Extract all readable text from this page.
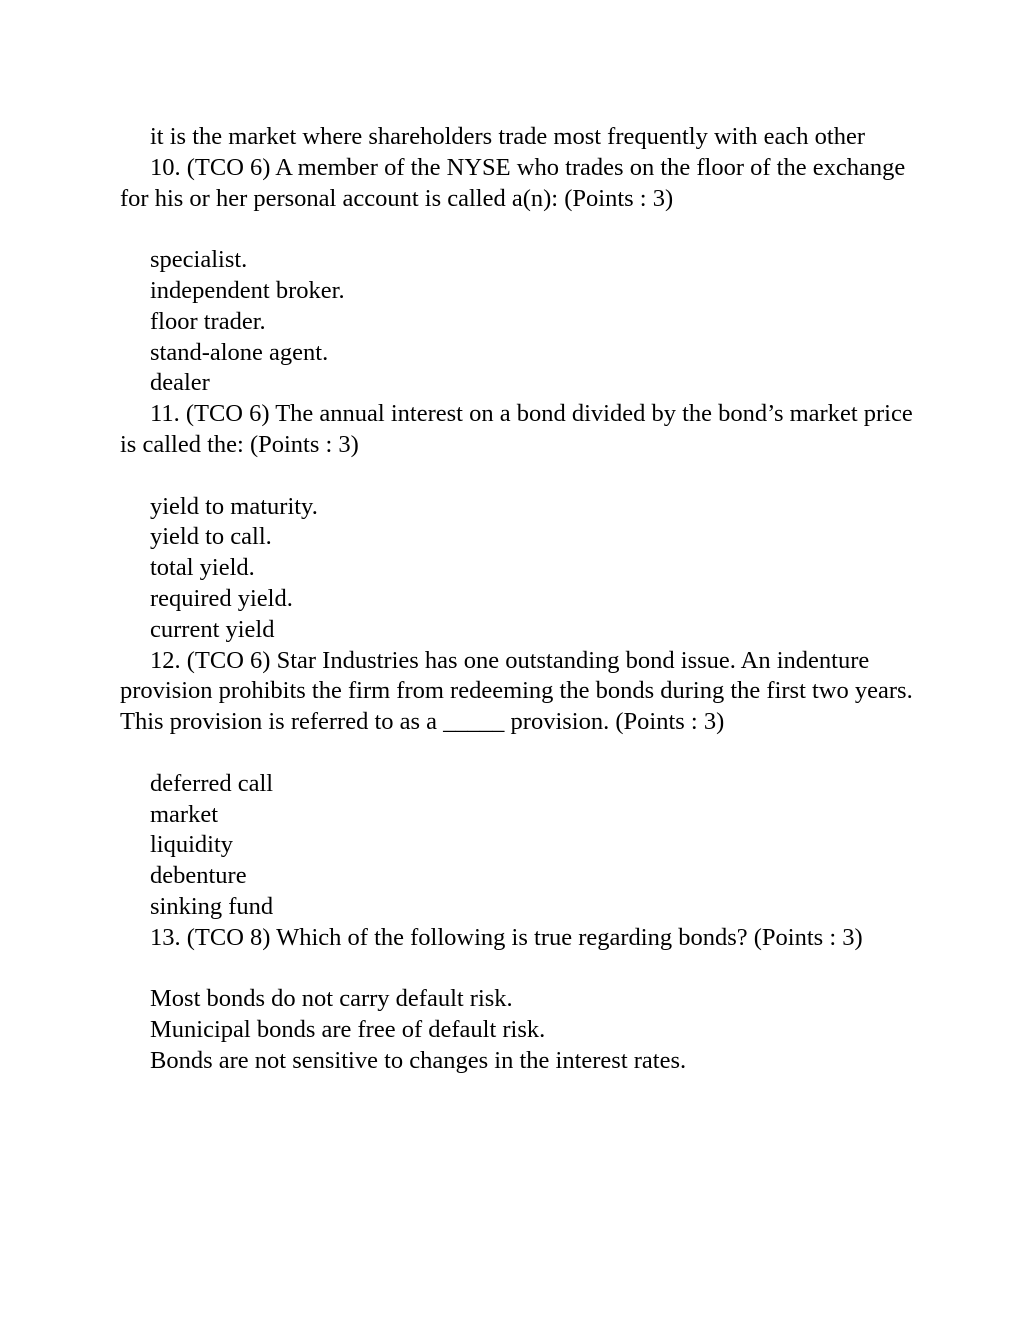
it is the market where shareholders trade most frequently with each other

10. (TCO 6) A member of the NYSE who trades on the floor of the exchange for his or her personal account is called a(n): (Points : 3)

specialist.

independent broker.

floor trader.

stand-alone agent.

dealer

11. (TCO 6) The annual interest on a bond divided by the bond’s market price is called the: (Points : 3)

yield to maturity.

yield to call.

total yield.

required yield.

current yield

12. (TCO 6) Star Industries has one outstanding bond issue. An indenture provision prohibits the firm from redeeming the bonds during the first two years. This provision is referred to as a _____ provision. (Points : 3)

deferred call

market

liquidity

debenture

sinking fund

13. (TCO 8) Which of the following is true regarding bonds? (Points : 3)

Most bonds do not carry default risk.

Municipal bonds are free of default risk.

Bonds are not sensitive to changes in the interest rates.
